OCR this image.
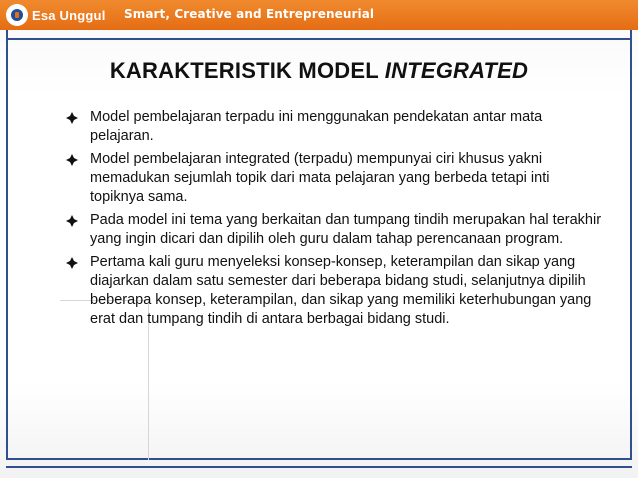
Esa Unggul Smart, Creative and Entrepreneurial
KARAKTERISTIK MODEL INTEGRATED
Model pembelajaran terpadu ini menggunakan pendekatan antar mata pelajaran.
Model pembelajaran integrated (terpadu) mempunyai ciri khusus yakni memadukan sejumlah topik dari mata pelajaran yang berbeda tetapi inti topiknya sama.
Pada model ini tema yang berkaitan dan tumpang tindih merupakan hal terakhir yang ingin dicari dan dipilih oleh guru dalam tahap perencanaan program.
Pertama kali guru menyeleksi konsep-konsep, keterampilan dan sikap yang diajarkan dalam satu semester dari beberapa bidang studi, selanjutnya dipilih beberapa konsep, keterampilan, dan sikap yang memiliki keterhubungan yang erat dan tumpang tindih di antara berbagai bidang studi.
